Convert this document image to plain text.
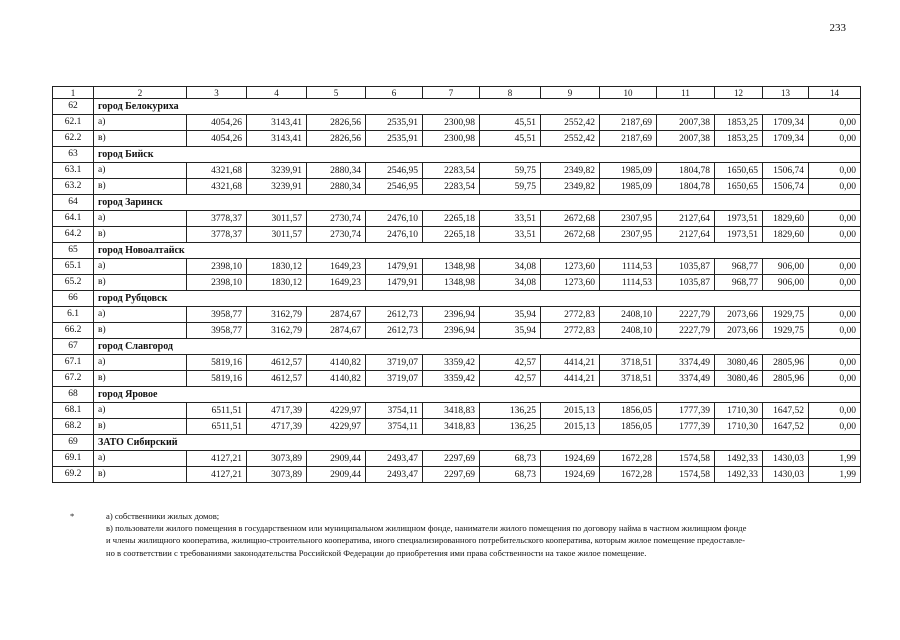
233
1	2	3	4	5	6	7	8	9	10	11	12	13	14
62	город Белокуриха												
62.1	а)	4054,26	3143,41	2826,56	2535,91	2300,98	45,51	2552,42	2187,69	2007,38	1853,25	1709,34	0,00
62.2	в)	4054,26	3143,41	2826,56	2535,91	2300,98	45,51	2552,42	2187,69	2007,38	1853,25	1709,34	0,00
63	город Бийск												
63.1	а)	4321,68	3239,91	2880,34	2546,95	2283,54	59,75	2349,82	1985,09	1804,78	1650,65	1506,74	0,00
63.2	в)	4321,68	3239,91	2880,34	2546,95	2283,54	59,75	2349,82	1985,09	1804,78	1650,65	1506,74	0,00
64	город Заринск												
64.1	а)	3778,37	3011,57	2730,74	2476,10	2265,18	33,51	2672,68	2307,95	2127,64	1973,51	1829,60	0,00
64.2	в)	3778,37	3011,57	2730,74	2476,10	2265,18	33,51	2672,68	2307,95	2127,64	1973,51	1829,60	0,00
65	город Новоалтайск												
65.1	а)	2398,10	1830,12	1649,23	1479,91	1348,98	34,08	1273,60	1114,53	1035,87	968,77	906,00	0,00
65.2	в)	2398,10	1830,12	1649,23	1479,91	1348,98	34,08	1273,60	1114,53	1035,87	968,77	906,00	0,00
66	город Рубцовск												
6.1	а)	3958,77	3162,79	2874,67	2612,73	2396,94	35,94	2772,83	2408,10	2227,79	2073,66	1929,75	0,00
66.2	в)	3958,77	3162,79	2874,67	2612,73	2396,94	35,94	2772,83	2408,10	2227,79	2073,66	1929,75	0,00
67	город Славгород												
67.1	а)	5819,16	4612,57	4140,82	3719,07	3359,42	42,57	4414,21	3718,51	3374,49	3080,46	2805,96	0,00
67.2	в)	5819,16	4612,57	4140,82	3719,07	3359,42	42,57	4414,21	3718,51	3374,49	3080,46	2805,96	0,00
68	город Яровое												
68.1	а)	6511,51	4717,39	4229,97	3754,11	3418,83	136,25	2015,13	1856,05	1777,39	1710,30	1647,52	0,00
68.2	в)	6511,51	4717,39	4229,97	3754,11	3418,83	136,25	2015,13	1856,05	1777,39	1710,30	1647,52	0,00
69	ЗАТО Сибирский												
69.1	а)	4127,21	3073,89	2909,44	2493,47	2297,69	68,73	1924,69	1672,28	1574,58	1492,33	1430,03	1,99
69.2	в)	4127,21	3073,89	2909,44	2493,47	2297,69	68,73	1924,69	1672,28	1574,58	1492,33	1430,03	1,99
*	а) собственники жилых домов;

в) пользователи жилого помещения в государственном или муниципальном жилищном фонде, наниматели жилого помещения по договору найма в частном жилищном фонде

и члены жилищного кооператива, жилищно-строительного кооператива, иного специализированного потребительского кооператива, которым жилое помещение предоставле-

но в соответствии с требованиями законодательства Российской Федерации до приобретения ими права собственности на такое жилое помещение.
